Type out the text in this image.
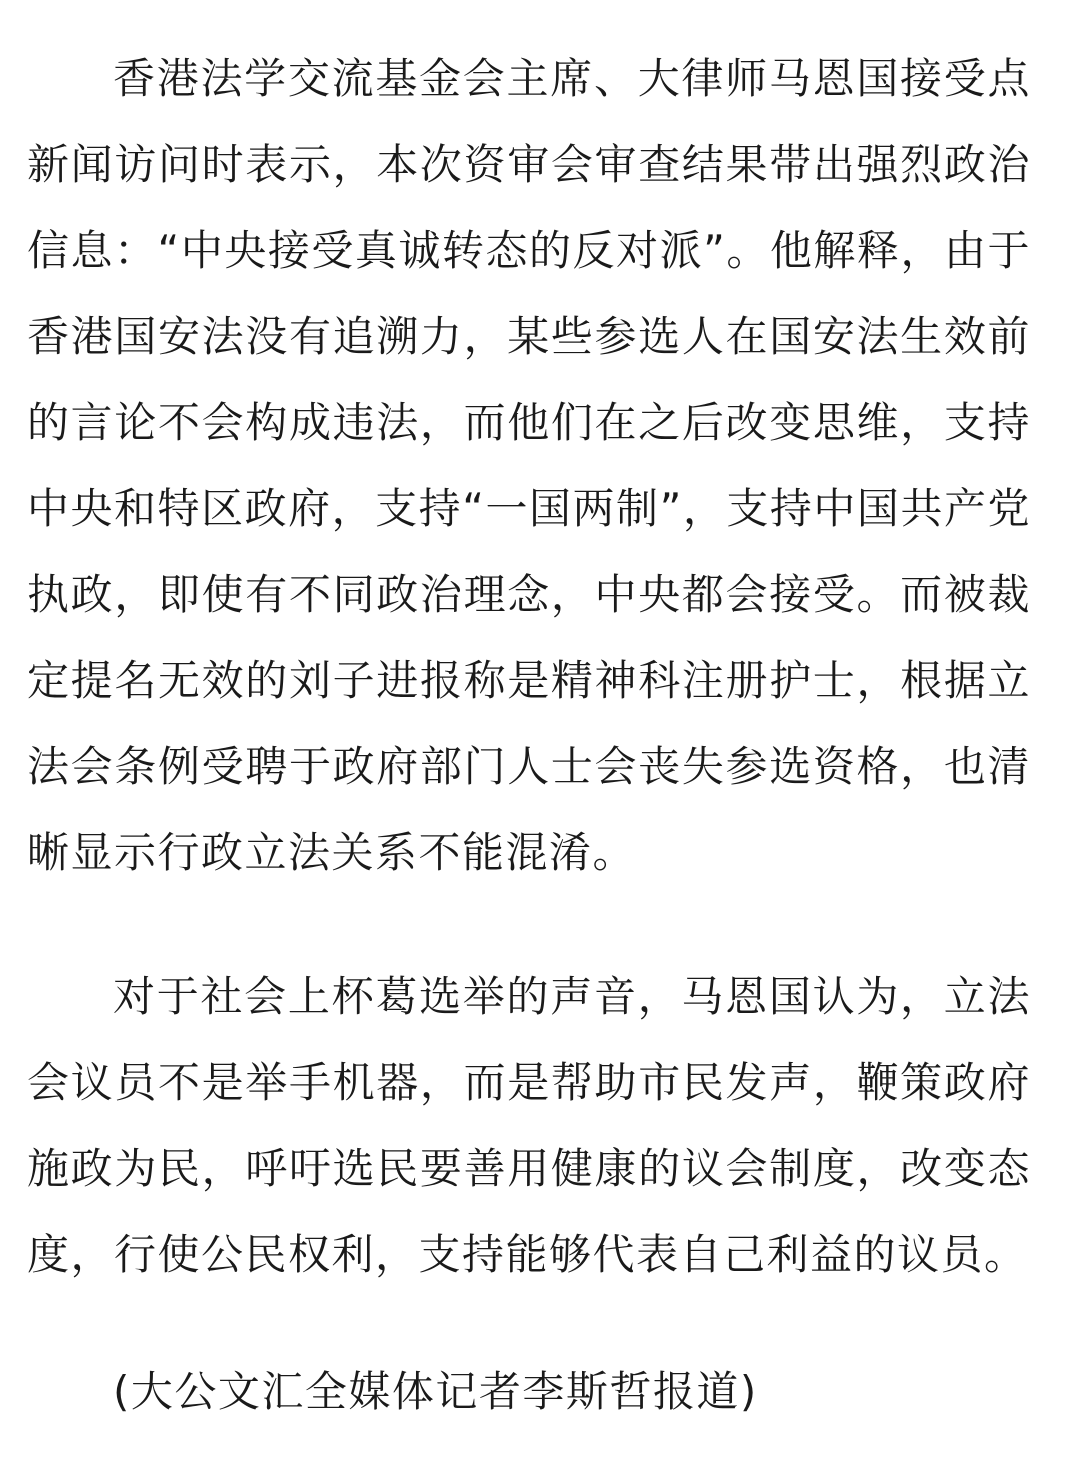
香港法学交流基金会主席、大律师马恩国接受点新闻访问时表示，本次资审会审查结果带出强烈政治信息：“中央接受真诚转态的反对派”。他解释，由于香港国安法没有追溯力，某些参选人在国安法生效前的言论不会构成违法，而他们在之后改变思维，支持中央和特区政府，支持“一国两制”，支持中国共产党执政，即使有不同政治理念，中央都会接受。而被裁定提名无效的刘子进报称是精神科注册护士，根据立法会条例受聘于政府部门人士会丧失参选资格，也清晰显示行政立法关系不能混淆。

对于社会上杯葛选举的声音，马恩国认为，立法会议员不是举手机器，而是帮助市民发声，鞭策政府施政为民，呼吁选民要善用健康的议会制度，改变态度，行使公民权利，支持能够代表自己利益的议员。

(大公文汇全媒体记者李斯哲报道)
